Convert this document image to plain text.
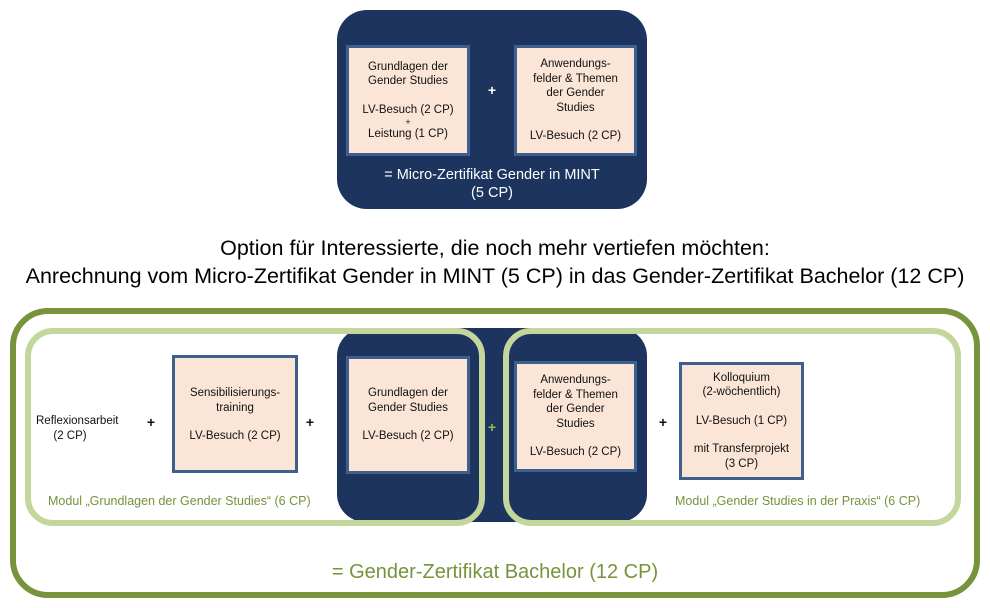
Grundlagen der
Gender Studies
LV-Besuch (2 CP)
+
Leistung (1 CP)
+
Anwendungs-
felder & Themen
der Gender
Studies
LV-Besuch (2 CP)
= Micro-Zertifikat Gender in MINT
(5 CP)
Option für Interessierte, die noch mehr vertiefen möchten:
Anrechnung vom Micro-Zertifikat Gender in MINT (5 CP) in das Gender-Zertifikat Bachelor (12 CP)
Reflexionsarbeit
(2 CP)
+
Sensibilisierungs-
training
LV-Besuch (2 CP)
+
Grundlagen der
Gender Studies
LV-Besuch (2 CP)
+
Anwendungs-
felder & Themen
der Gender
Studies
LV-Besuch (2 CP)
+
Kolloquium
(2-wöchentlich)
LV-Besuch (1 CP)
mit Transferprojekt
(3 CP)
Modul „Grundlagen der Gender Studies“ (6 CP)	Modul „Gender Studies in der Praxis“ (6 CP)
= Gender-Zertifikat Bachelor (12 CP)
